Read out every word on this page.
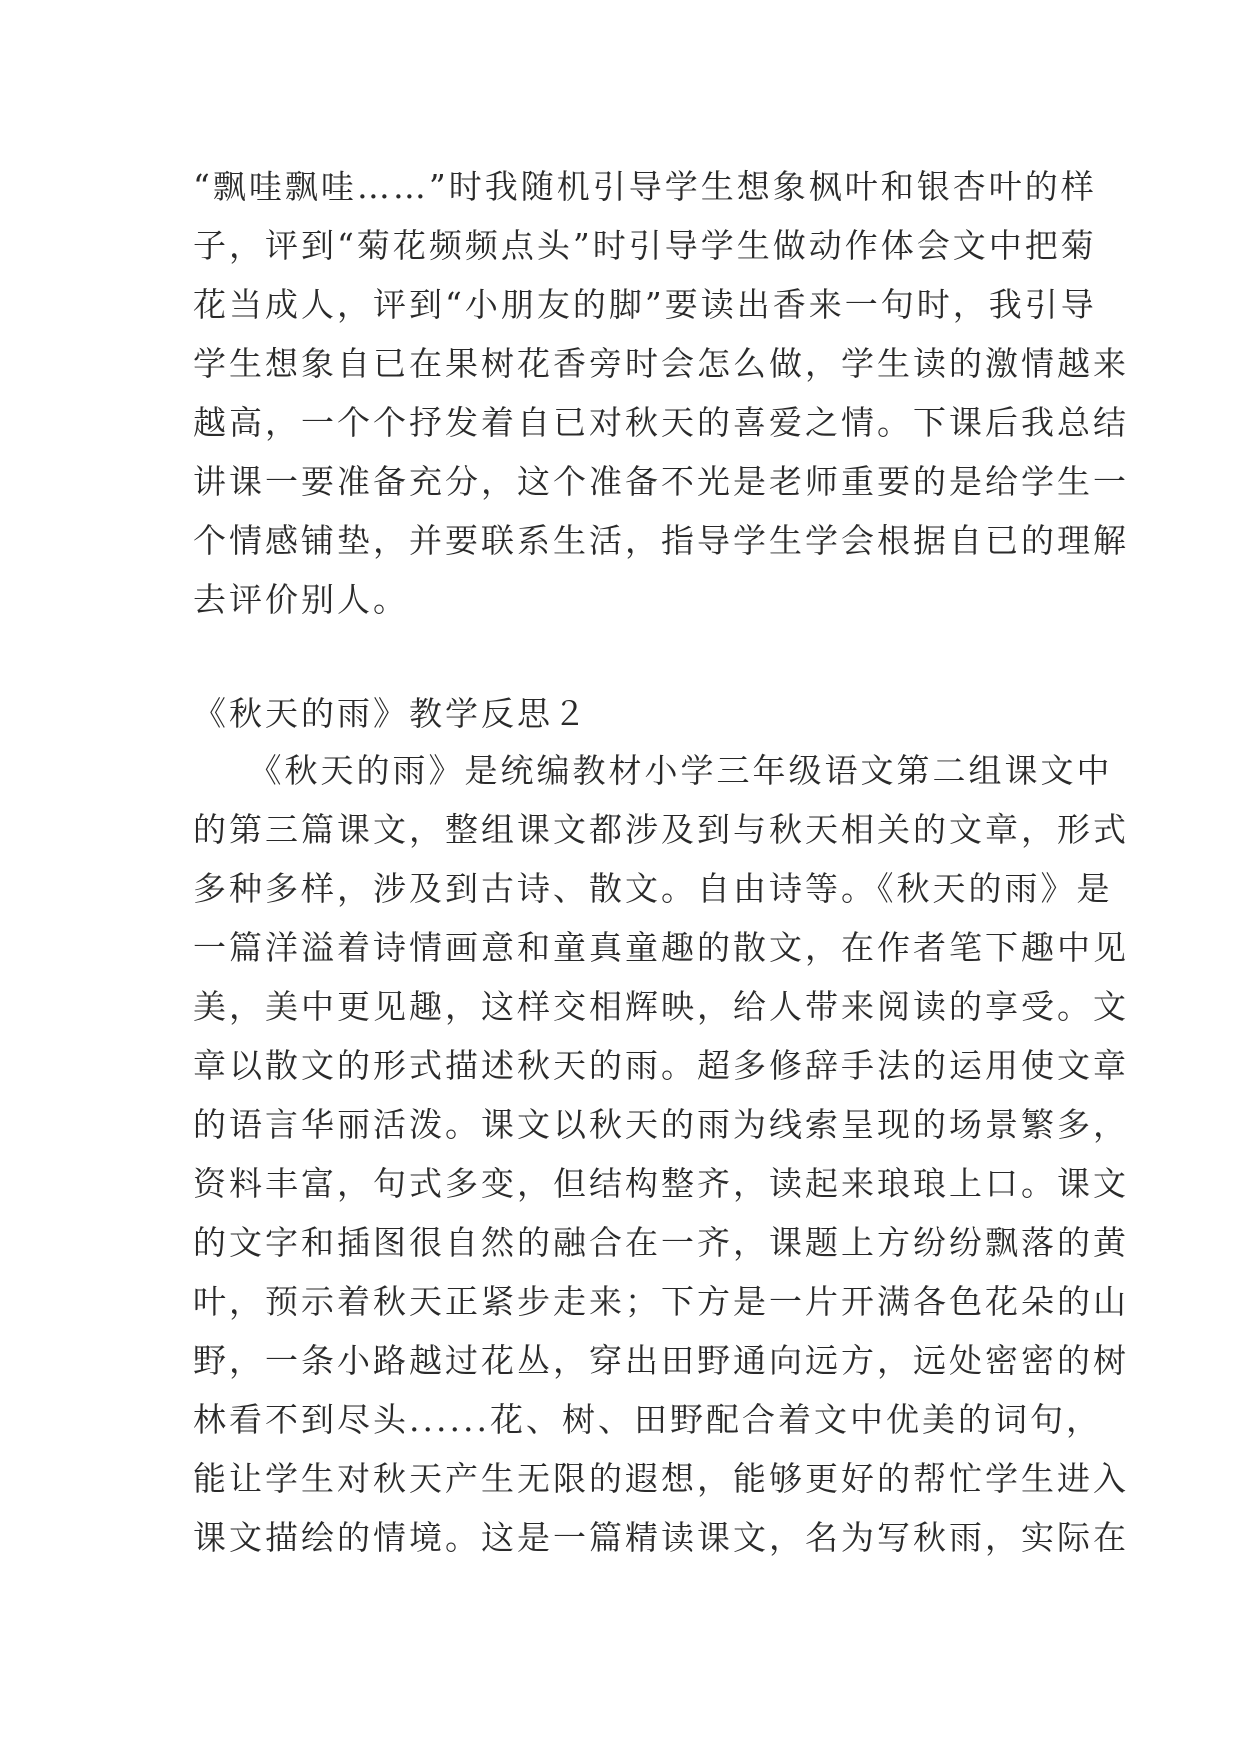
“飘哇飘哇……”时我随机引导学生想象枫叶和银杏叶的样
子，评到“菊花频频点头”时引导学生做动作体会文中把菊
花当成人，评到“小朋友的脚”要读出香来一句时，我引导
学生想象自已在果树花香旁时会怎么做，学生读的激情越来
越高，一个个抒发着自已对秋天的喜爱之情。下课后我总结
讲课一要准备充分，这个准备不光是老师重要的是给学生一
个情感铺垫，并要联系生活，指导学生学会根据自已的理解
去评价别人。
《秋天的雨》教学反思２
　　《秋天的雨》是统编教材小学三年级语文第二组课文中
的第三篇课文，整组课文都涉及到与秋天相关的文章，形式
多种多样，涉及到古诗、散文。自由诗等。《秋天的雨》是
一篇洋溢着诗情画意和童真童趣的散文，在作者笔下趣中见
美，美中更见趣，这样交相辉映，给人带来阅读的享受。文
章以散文的形式描述秋天的雨。超多修辞手法的运用使文章
的语言华丽活泼。课文以秋天的雨为线索呈现的场景繁多，
资料丰富，句式多变，但结构整齐，读起来琅琅上口。课文
的文字和插图很自然的融合在一齐，课题上方纷纷飘落的黄
叶，预示着秋天正紧步走来；下方是一片开满各色花朵的山
野，一条小路越过花丛，穿出田野通向远方，远处密密的树
林看不到尽头......花、树、田野配合着文中优美的词句，
能让学生对秋天产生无限的遐想，能够更好的帮忙学生进入
课文描绘的情境。这是一篇精读课文，名为写秋雨，实际在
